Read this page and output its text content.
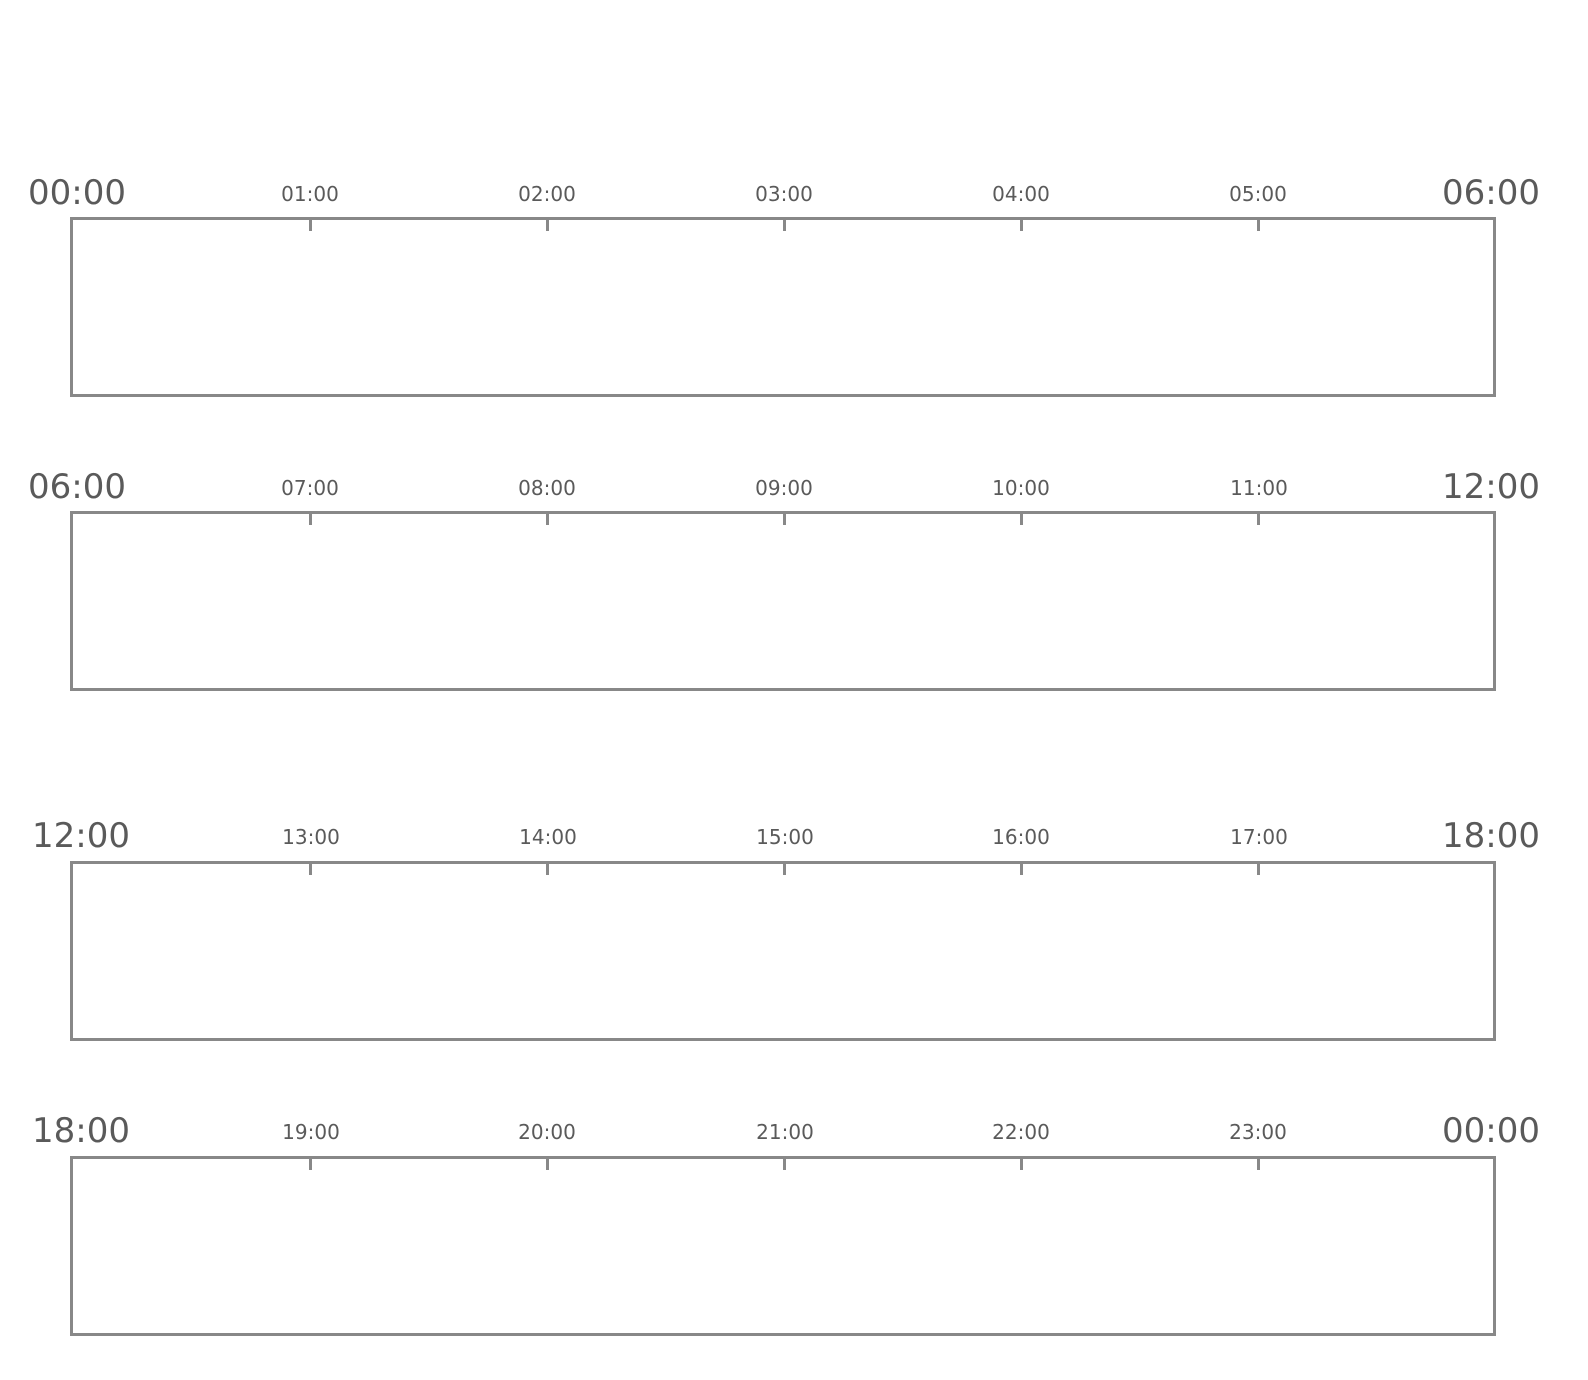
00:00	01:00	02:00	03:00	04:00	05:00	06:00
06:00	07:00	08:00	09:00	10:00	11:00	12:00
12:00	13:00	14:00	15:00	16:00	17:00	18:00
18:00	19:00	20:00	21:00	22:00	23:00	00:00
